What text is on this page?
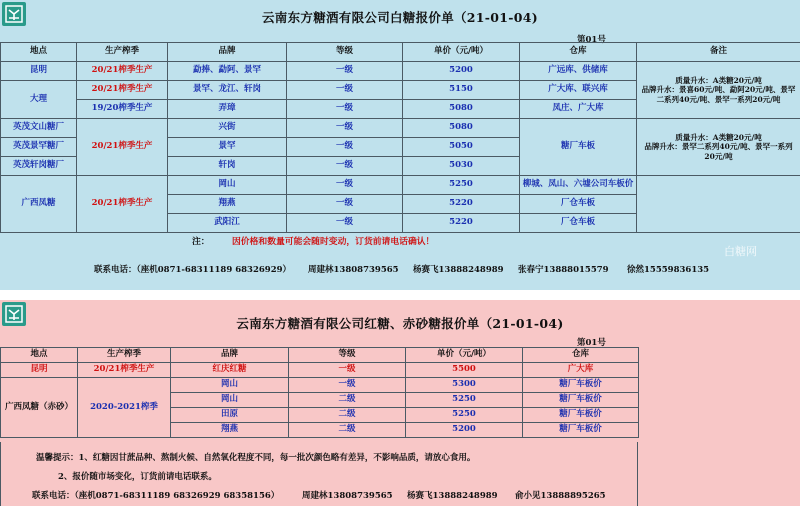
云南东方糖酒有限公司白糖报价单（21-01-04)
第01号
地点	生产榨季	品牌	等级	单价（元/吨）	仓库	备注
昆明	20/21榨季生产	勐捧、勐阿、景罕	一级	5200	广远库、供储库	质量升水：A类糖20元/吨
品牌升水：景喜60元/吨、勐阿20元/吨、景罕二系列40元/吨、景罕一系列20元/吨
大理	20/21榨季生产	景罕、龙江、轩岗	一级	5150	广大库、联兴库	
	19/20榨季生产	弄璋	一级	5080	凤庄、广大库	
英茂文山糖厂	20/21榨季生产	兴街	一级	5080	糖厂车板	质量升水：A类糖20元/吨
品牌升水：景罕二系列40元/吨、景罕一系列20元/吨
英茂景罕糖厂		景罕	一级	5050		
英茂轩岗糖厂		轩岗	一级	5030		
广西凤糖	20/21榨季生产	岡山	一级	5250	柳城、凤山、六墟公司车板价	
		翔燕	一级	5220	厂仓车板	
		武阳江	一级	5220	厂仓车板	
注：	因价格和数量可能会随时变动，订货前请电话确认！
联系电话：（座机0871-68311189 68326929） 周建林13808739565 杨赛飞13888248989 张春宁13888015579 徐然15559836135
白糖网
云南东方糖酒有限公司红糖、赤砂糖报价单（21-01-04)
第01号
地点	生产榨季	品牌	等级	单价（元/吨）	仓库
昆明	20/21榨季生产	红庆红糖	一级	5500	广大库
广西凤糖（赤砂）	2020-2021榨季	岡山	一级	5300	糖厂车板价
		岡山	二级	5250	糖厂车板价
		田原	二级	5250	糖厂车板价
		翔燕	二级	5200	糖厂车板价
温馨提示：1、红糖因甘蔗品种、熬制火候、自然氧化程度不同，每一批次颜色略有差异，不影响品质，请放心食用。
2、报价随市场变化，订货前请电话联系。
联系电话：（座机0871-68311189 68326929 68358156）	周建林13808739565 杨赛飞13888248989 俞小见13888895265
